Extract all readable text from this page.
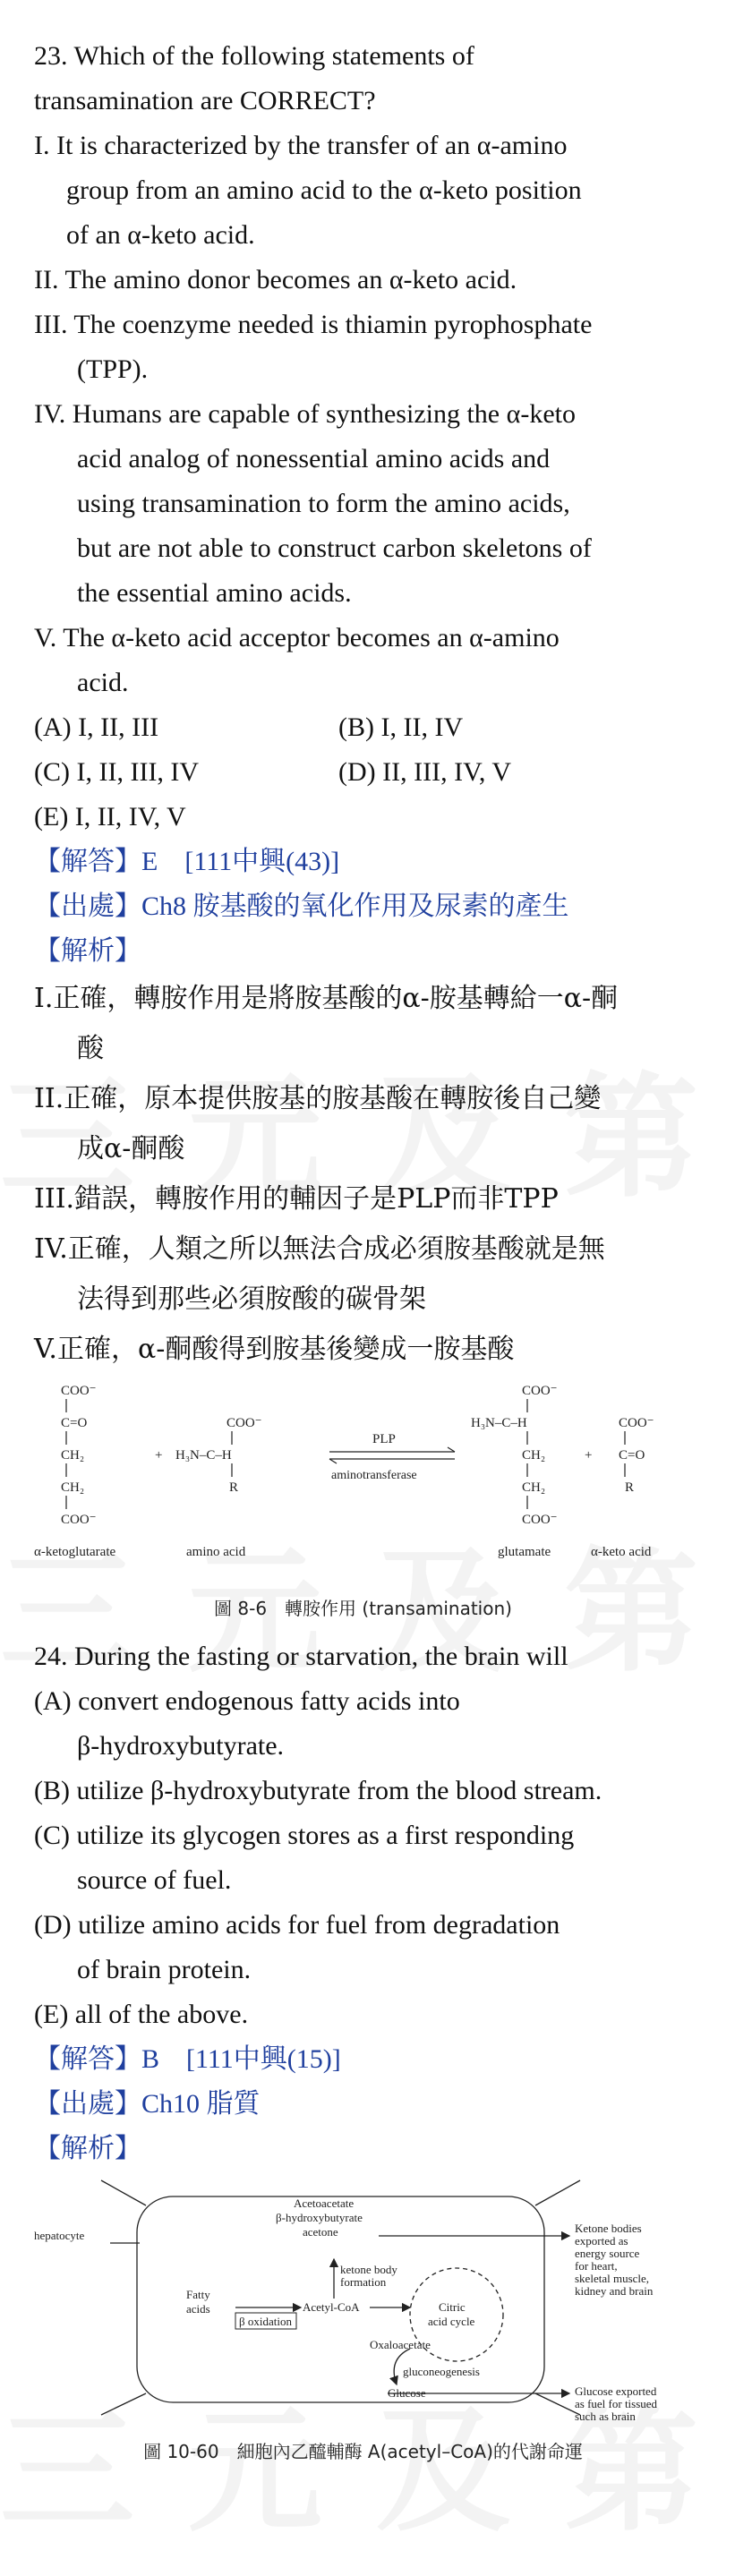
23. Which of the following statements of
transamination are CORRECT?
I. It is characterized by the transfer of an α-amino
group from an amino acid to the α-keto position
of an α-keto acid.
II. The amino donor becomes an α-keto acid.
III. The coenzyme needed is thiamin pyrophosphate
(TPP).
IV. Humans are capable of synthesizing the α-keto
acid analog of nonessential amino acids and
using transamination to form the amino acids,
but are not able to construct carbon skeletons of
the essential amino acids.
V. The α-keto acid acceptor becomes an α-amino
acid.
(A) I, II, III	(B) I, II, IV
(C) I, II, III, IV	(D) II, III, IV, V
(E) I, II, IV, V
【解答】E　[111中興(43)]
【出處】Ch8 胺基酸的氧化作用及尿素的產生
【解析】
I.正確，轉胺作用是將胺基酸的α-胺基轉給一α-酮
酸
II.正確，原本提供胺基的胺基酸在轉胺後自己變
成α-酮酸
III.錯誤，轉胺作用的輔因子是PLP而非TPP
IV.正確，人類之所以無法合成必須胺基酸就是無
法得到那些必須胺酸的碳骨架
V.正確，α-酮酸得到胺基後變成一胺基酸
COO⁻
C=O
CH₂
CH₂
COO⁻
α-ketoglutarate
+
COO⁻
H₃N–C–H
R
amino acid
PLP
aminotransferase
COO⁻
H₃N–C–H
CH₂
CH₂
COO⁻
glutamate
+
COO⁻
C=O
R
α-keto acid
圖 8-6　轉胺作用 (transamination)
24. During the fasting or starvation, the brain will
(A) convert endogenous fatty acids into
β-hydroxybutyrate.
(B) utilize β-hydroxybutyrate from the blood stream.
(C) utilize its glycogen stores as a first responding
source of fuel.
(D) utilize amino acids for fuel from degradation
of brain protein.
(E) all of the above.
【解答】B　[111中興(15)]
【出處】Ch10 脂質
【解析】
hepatocyte
Acetoacetate
β-hydroxybutyrate
acetone
ketone body
formation
Fatty
acids
β oxidation
Acetyl-CoA	Citric
acid cycle
Oxaloacetate
gluconeogenesis
Glucose
Ketone bodies
exported as
energy source
for heart,
skeletal muscle,
kidney and brain
Glucose exported
as fuel for tissued
such as brain
圖 10-60　細胞內乙醯輔酶 A(acetyl–CoA)的代謝命運
